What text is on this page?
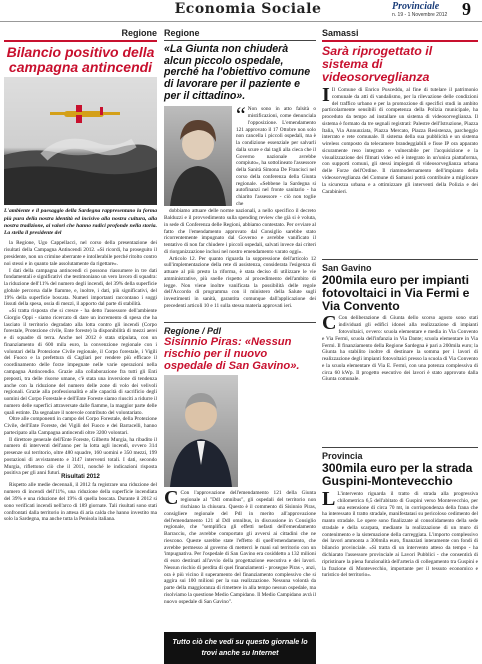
Economia Sociale	Provinciale
n. 19 - 1 Novembre 2012 9
Regione
Bilancio positivo della campagna antincendi
L'ambiente e il paesaggio della Sardegna rappresentano la forma più pura della nostra identità ed incisivo alla nostra cultura, alla nostra tradizione, ai valori che hanno radici profonde nella storia. La stella il presidente del

la Regione, Ugo Cappellacci, nel corso della presentazione dei risultati della Campagna Antincendi 2012. «Si ricordi, ha proseguito il presidente, non un crimine aberrante e intollerabile perché ritolto contro noi stessi e in quanto tale assolutamente da rigettare».

I dati della campagna antincendi ci possono riassumere in tre dati fondamentali e significativi che testimoniano un vero lavoro di squadra: la riduzione dell'11% del numero degli incendi, del 39% della superficie globale percorsa dalle fiamme, e, inoltre, i dati, più significativi, del 19% della superficie boscata. Numeri importanti raccontano i soggi lissuti della spesa, ossia di mezzi, il apporto dal parte di stabilità.

«Si tratta risposta che si cresce - ha detto l'assessore dell'ambiente Giorgio Oppi - siamo ricercato di dare un incremento di spesa che ha lasciato il territorio degradato alla lotta contro gli incendi (Corpo forestale, Protezione civile, Ente foreste) la disponibilità di mezzi aerei e di squadre di terra. Anche nel 2012 è stata stipulata, con un finanziamento di 600 mila euro, la convenzione regionale con i volontari della Protezione Civile regionale, il Corpo forestale, i Vigili del Fuoco e la prefettura di Cagliari per rendere più efficace il coordinamento delle forze impegnate nelle varie operazioni nella campagna Antincendio. Grazie alla collaborazione fra tutti gli Enti preposti, tra delle risorse umane, c'è stata una inversione di tendenza anche con la riduzione del numero delle zone di volo dei velivoli regionali. Grazie alla professionalità e alle capacità di sacrificio degli uomini del Corpo Forestale e dell'Ente Foreste siamo riusciti a ridurre il numero delle superfici attraversate dalle fiamme, la maggior parte delle quali estinte. Da segnalare il notevole contributo del volontariato.

Oltre alle componenti in campo del Corpo Forestale, della Protezione Civile, dell'Ente Foreste, dei Vigili del Fuoco e dei Barracelli, hanno partecipato alla Campagna antincendi oltre 3200 volontari.

Il direttore generale dell'Ente Foreste, Gilberto Murgia, ha ribadito il numero di interventi dell'anno per la lotta agli incendi, ovvero 314 presenze sul territorio, oltre 480 squadre, 160 uomini e 350 mezzi, 199 postazioni di avvistamento e 3147 interventi totali. I dati, secondo Murgia, riflettono ciò che il 2011, nonché le indicazioni risposta positiva per gli anni futuri.

Risultati 2012

Rispetto alle medie decennali, il 2012 fa registrare una riduzione del numero di incendi dell'11%, una riduzione della superficie incendiata del 39% e una riduzione del 19% di quella boscata. Durante il 2012 si sono verificati incendi nell'arco di 189 giornate. Tali risultati sono stati confrontati dalla territorio in attesa di aria calda che hanno investito ma solo la Sardegna, ma anche tutta la Penisola italiana.

Regione
«La Giunta non chiuderà alcun piccolo ospedale, perché ha l'obiettivo comune di lavorare per il paziente e per il cittadino».
“ Non sono in atto falsità o mistificazioni, come denunciala l'opposizione. L'emendamento 121 approvato il 17 Ottobre non solo non cancella i piccoli ospedali, ma è la condizione essenziale per salvarli dalla scure e dai tagli alla cieca che il Governo nazionale avrebbe compiuto», ha sottolineato l'assessore della Sanità Simona De Francisci nel corso della conferenza della Giunta regionale. «Sebbene la Sardegna si autofinanzi nel fronte sanitario - ha chiarito l'assessore - ciò non toglie che

dobbiamo attuare delle norme nazionali, a nello specifico il decreto Balduzzi e il provvedimento sulla spending review che già si è voluta, in sede di Conferenza delle Regioni, abbiamo contestato. Per ovviare al fatto che l'emendamento approvato dal Consiglio sarebbe stato ricorrentemente impugnato dal Governo e avrebbe vanificato il tentativo di non far chiudere i piccoli ospedali, salvati invece dai criteri di riorganizzazione inclusi nel nostro emendamento varato oggi».

Articolo 12. Per quanto riguarda la soppressione dell'articolo 12 sull'implementazione della rete di assistenza, considerata l'esigenza di attuare al più presto la riforma, è stata deciso di utilizzare le vie amministrative, più snelle rispetto al procedimento dell'ambito di legge. Non viene inoltre vanificata la possibilità delle regole dell'Accordo di programma con il ministero della Salute sugli investimenti in sanità, garantita comunque dall'applicazione dei precedenti articoli 10 e 11 sulla stessa materia approvati ieri.

Regione / Pdl
Sisinnio Piras: «Nessun rischio per il nuovo ospedale di San Gavino».
C Con l'approvazione dell'emendamento 121 della Giunta regionale al "Ddl omnibus", gli ospedali del territorio non rischiano la chiusura. Questo è il commento di Sisinnio Piras, consigliere regionale del Pdl in merito all'approvazione dell'emendamento 121 al Ddl omnibus, in discussione in Consiglio regionale, che "semplifica gli effetti nefasti dell'emendamento Barracciu, che avrebbe comportato gli avversi ai cittadini che ne riescono. Queste sarebbe state l'effetto di quell'emendamento, che avrebbe permesso al governo di metterci le mani sul territorio con un 'impugnativa. Per l'ospedale di San Gavino era cosiddetto a 132 milioni di euro destinati all'avvio della progettazione esecutiva e dei lavori. Nessun rischio di perdita di quei finanziamenti - prosegue Piras -, anzi, ora è più vicino il superamento del finanziamento complessivo che si aggira sui 100 milioni per la sua realizzazione. Nessuna volontà da parte della maggioranza di rimettere in alla tempo nessun ospedale, ma risolviamo la questione Medio Campidano. Il Medio Campidano avrà il nuovo ospedale di San Gavino".
Tutto ciò che vedi su questo giornale lo trovi anche su Internet
Samassi
Sarà riprogettato il sistema di videosorveglianza
I Il Comune di Enrico Pusceddu, al fine di tutelare il patrimonio comunale da atti di vandalismo, per la rilevazione delle condizioni del traffico urbano e per la promozione di specifici studi in ambito particolarmente sensibili di competenza della Polizia municipale, ha proceduto da tempo ad installare un sistema di videosorveglianza. Il sistema è formato da tre segnali registrati: Palestre dell'Istruzione, Piazza Italia, Via Annunziata, Piazza Mercato, Piazza Resistenza, parcheggio interrato e rete comunale. Il sistema della sua pubblicità e un sistema wireless composto da telecamere brandeggiabili e fisse IP ora apparato sicuramente reso integrato e vulnerabile per l'acquisizione e la visualizzazione dei filmati video ed è integrato in un'unica piattaforma, con supporti comuni, gli stessi impiegati di videosorveglianza urbana delle Forze dell'Ordine. Il riammodernamento dell'impianto della videosorveglianza del Comune di Samassi potrà contribuire a migliorare la sicurezza urbana e a ottimizzare gli interventi della Polizia e dei Carabinieri.
San Gavino
200mila euro per impianti fotovoltaici in Via Fermi e Via Convento
C Con deliberazione di Giunta dello scorso agosto sono stati individuati gli edifici idonei alla realizzazione di impianti fotovoltaici, ovvero: scuola elementare e media in Via Convento e Via Fermi, scuola dell'infanzia in Via Dante; scuola elementare in Via Fermi. Il finanziamento della Regione Sardegna è pari a 200mila euro; la Giunta ha stabilito inoltre di destinare la somma per i lavori di realizzazione degli impianti fotovoltaici presso la scuola di Via Convento e la scuola elementare di Via E. Fermi, con una potenza complessiva di circa 60 kWp. Il progetto esecutivo dei lavori è stato approvato dalla Giunta comunale.
Provincia
300mila euro per la strada Guspini-Montevecchio
L L'intervento riguarda il tratto di strada alla progressiva chilometrica 6,5 dell'abitato di Guspini verso Montevecchio, per una estensione di circa 70 mt, in corrispondenza della frana che ha interessato il tratto stradale, manifestatasi su pericoloso cedimento del manto stradale. Le opere sono finalizzate al consolidamento della sede stradale e della scarpata, mediante la realizzazione di un muro di contenimento e la sistemazione della carreggiata. L'importo complessivo dei lavori ammonta a 300mila euro, finanziati interamente con fondi di bilancio provinciale. «Si tratta di un intervento atteso da tempo - ha dichiarato l'assessore provinciale ai Lavori Pubblici - che consentirà di ripristinare la piena funzionalità dell'arteria di collegamento tra Guspini e la frazione di Montevecchio, importante per il tessuto economico e turistico del territorio».
